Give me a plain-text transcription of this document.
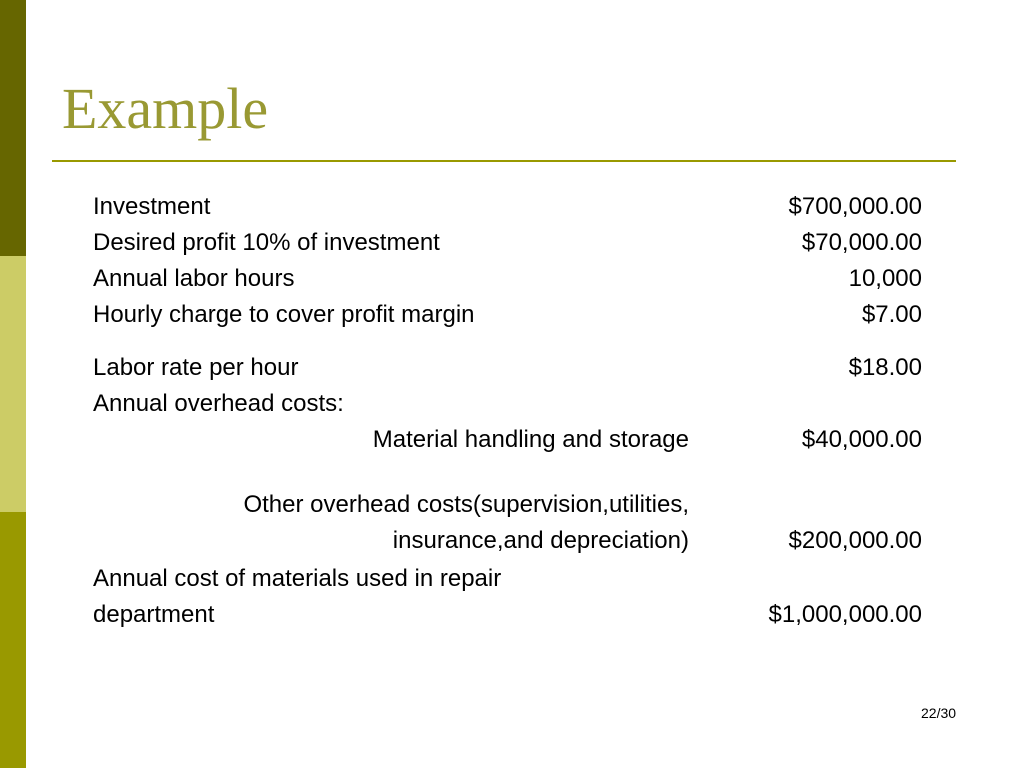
Example
Investment	$700,000.00
Desired profit 10% of investment	$70,000.00
Annual labor hours	10,000
Hourly charge to cover profit margin	$7.00
Labor rate per hour	$18.00
Annual overhead costs:
Material handling and storage	$40,000.00
Other overhead costs(supervision,utilities,
insurance,and depreciation)	$200,000.00
Annual cost of materials used in repair
department	$1,000,000.00
22/30
